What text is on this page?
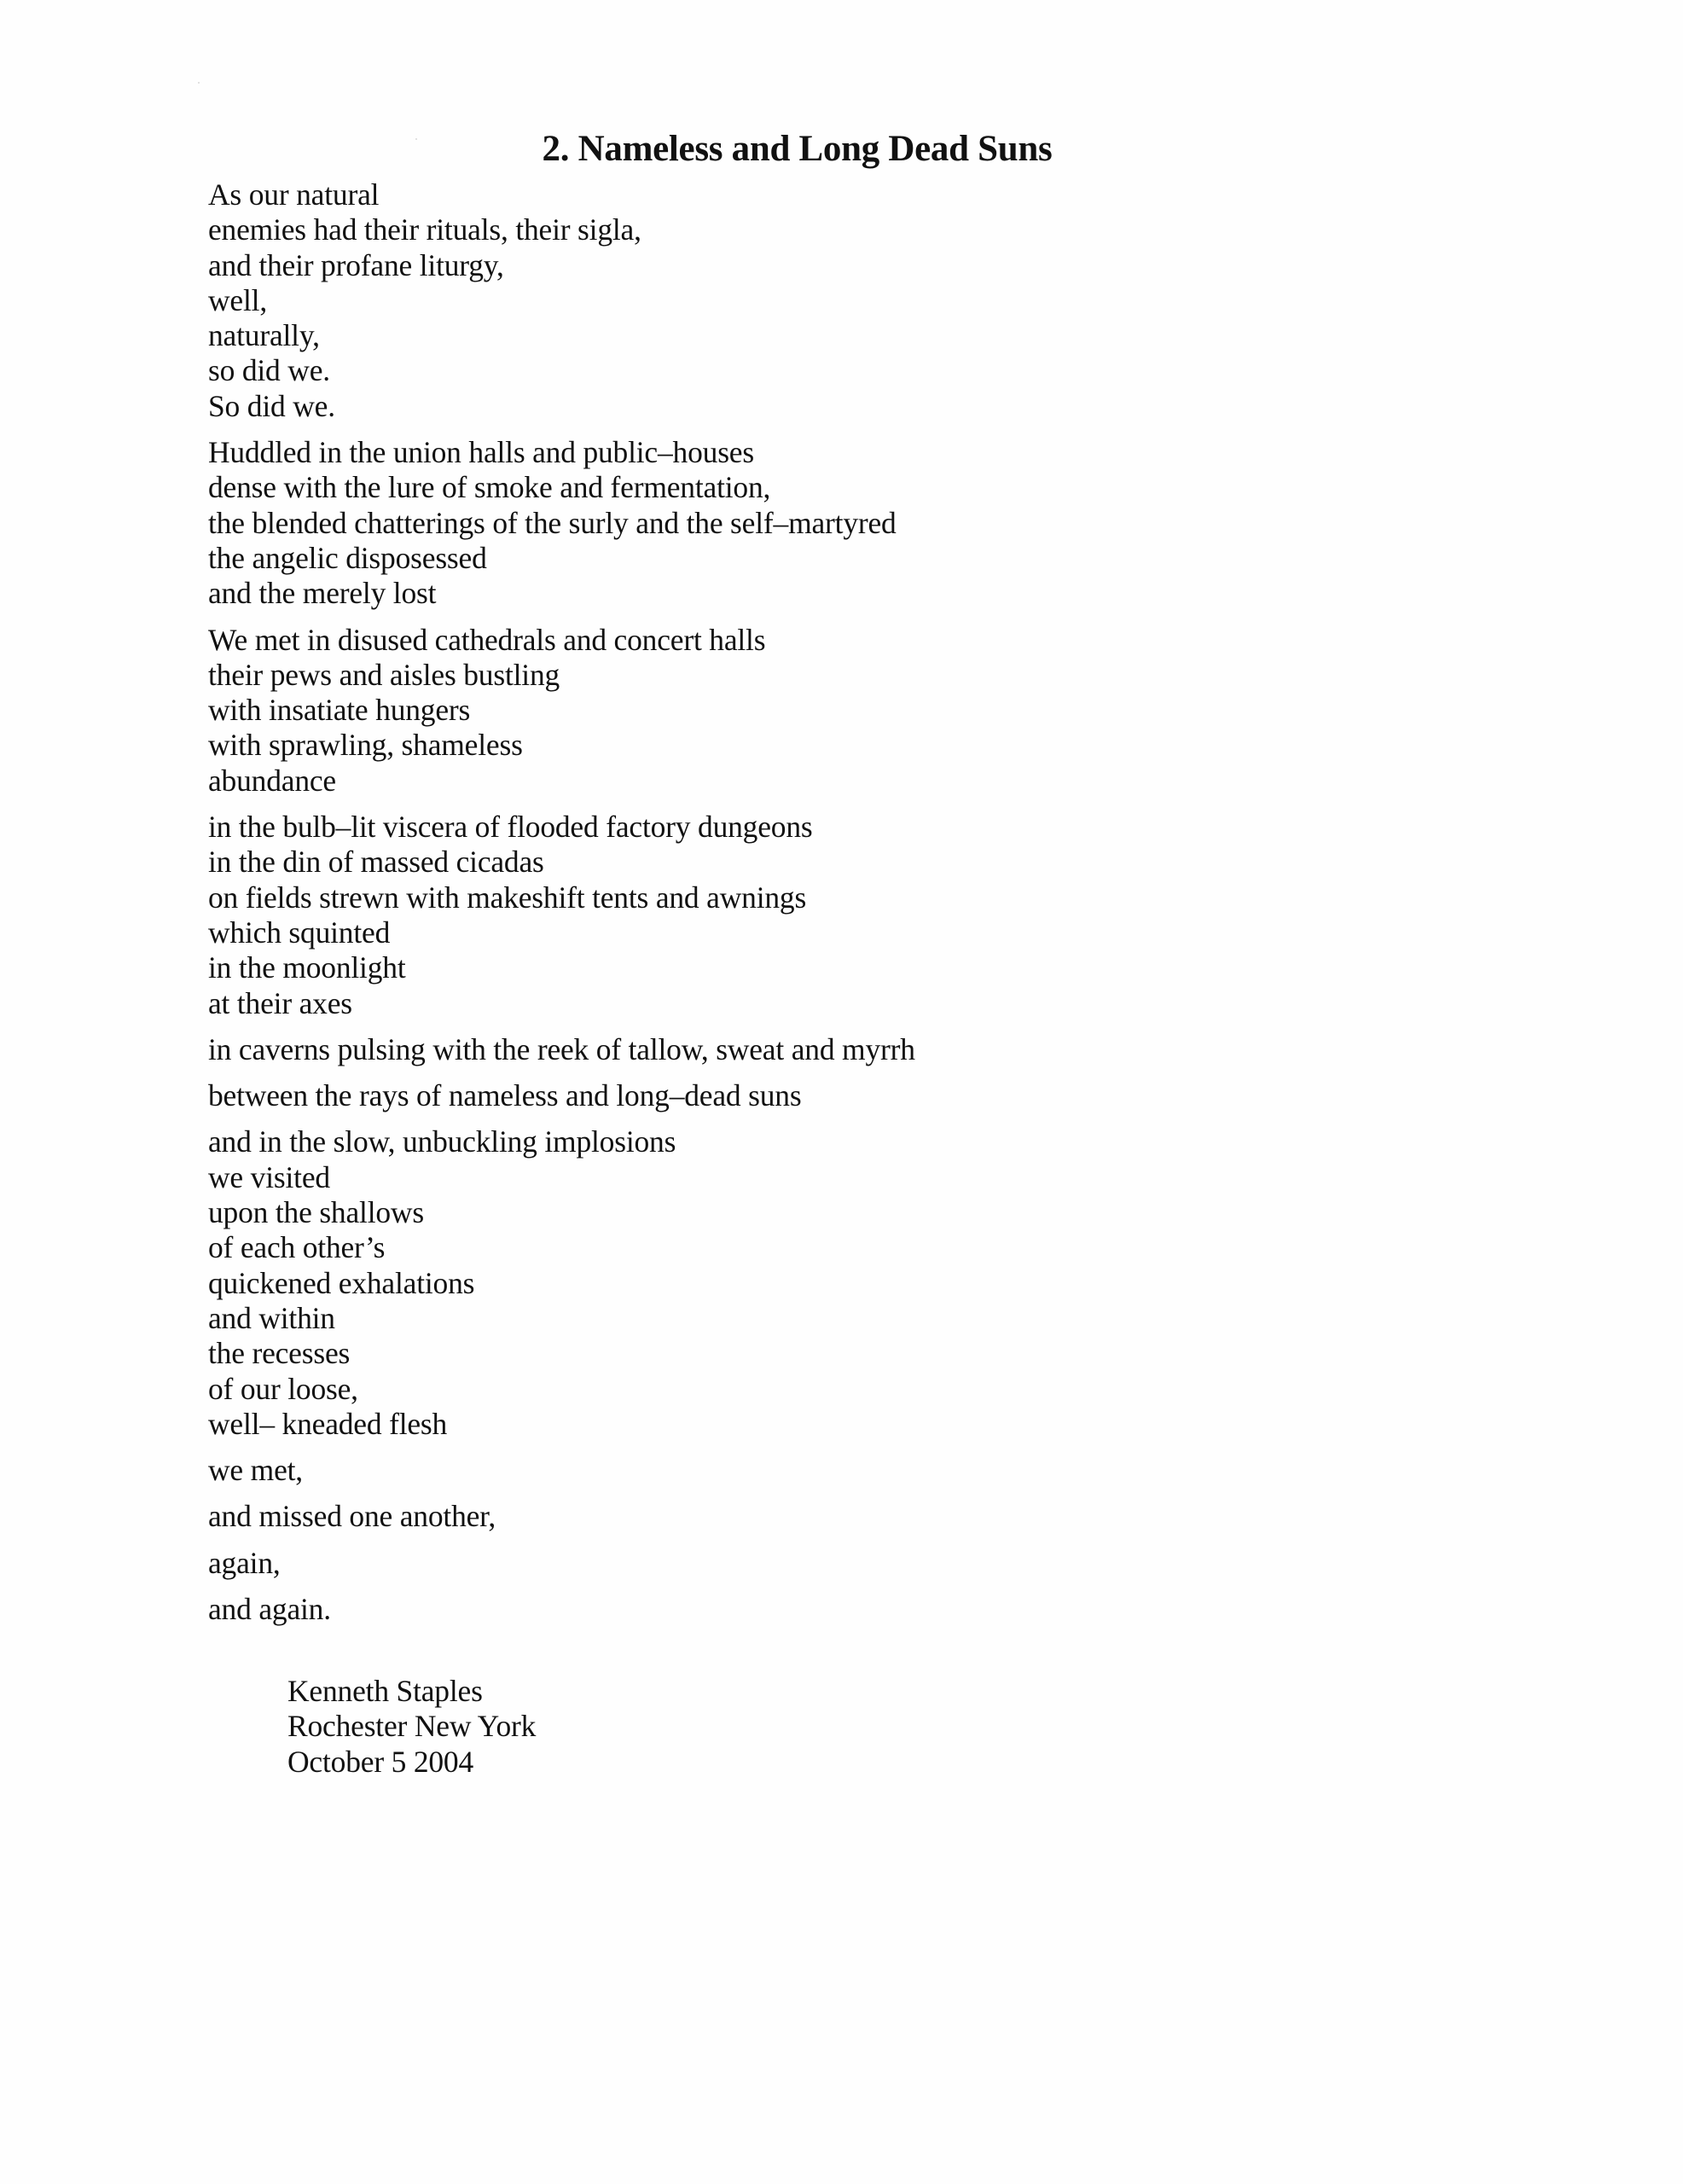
2. Nameless and Long Dead Suns
As our natural
enemies had their rituals, their sigla,
and their profane liturgy,
well,
naturally,
so did we.
So did we.
Huddled in the union halls and public–houses
dense with the lure of smoke and fermentation,
the blended chatterings of the surly and the self–martyred
the angelic disposessed
and the merely lost
We met in disused cathedrals and concert halls
their pews and aisles bustling
with insatiate hungers
with sprawling, shameless
abundance
in the bulb–lit viscera of flooded factory dungeons
in the din of massed cicadas
on fields strewn with makeshift tents and awnings
which squinted
in the moonlight
at their axes
in caverns pulsing with the reek of tallow, sweat and myrrh
between the rays of nameless and long–dead suns
and in the slow, unbuckling implosions
we visited
upon the shallows
of each other’s
quickened exhalations
and within
the recesses
of our loose,
well– kneaded flesh
we met,
and missed one another,
again,
and again.
Kenneth Staples
Rochester New York
October 5 2004
